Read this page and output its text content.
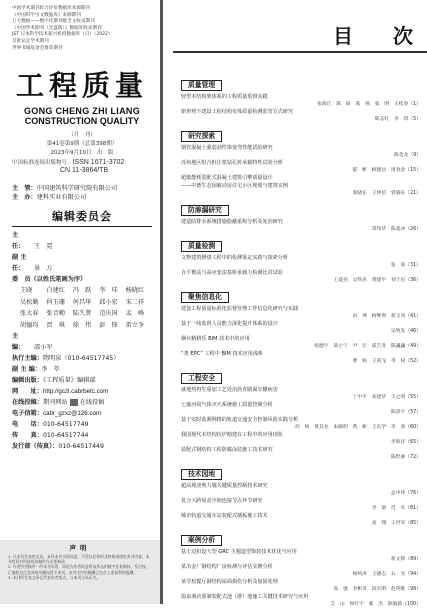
中国学术期刊综合评价数据库来源期刊
《中国科学引文数据库》来源期刊
万方数据——数字化期刊群全文收录期刊
《中国学术期刊（光盘版）》数据库收录期刊
JST 日本科学技术振兴机构数据库（日）（2022）
首批认定学术期刊
世界书城基金会推荐期刊
工程质量
GONG CHENG ZHI LIANG
CONSTRUCTION QUALITY
（月　刊）
第41卷第9期（总第398期）
2023年9月10日　出　版
中国标准连续出版物号： ISSN 1671-3702
CN 11-3864/TB
主　管：中国建筑科学研究院有限公司
主　办：建科实业有限公司
编辑委员会
主　任： 王　霓
副 主 任： 景　万
委　员（以姓氏笔画为序）
王晓	白建红	冯　跃	李　珪	杨晓红
吴松勤	何玉珊	何昌华	邱小宏	宋二祥
张大春	张音勤	陆久贤	范庆国	孟　峰
胡德均	贾　琪	徐　伟	彭　锋	雷立争
主　编： 邵小军
执行主编：隋明泉（010-64517745）
副 主 编：李　萃
编辑出版：《工程质量》编辑部
网　　址：http://gczl.cabrbetc.com
在线投稿：期刊网站 在线投稿
电子信箱：cabr_gzxz@126.com
电　　话：010-64517749
传　　真：010-64517744
发行部（传真）：010-64517449
声明
1. 凡本刊发表的文章，未经本刊书面同意，不得以任何形式转载或使用本刊内容。本刊有权对所接收的稿件作必要修改。
2. 作者所投稿件一经本刊录用，即视为作者同意将该作品的数字化复制权、发行权、汇编权及信息网络传播权授予本刊，本刊支付的稿酬已包含上述权利的报酬。
3. 本刊所发表文章仅代表作者观点，与本刊立场无关。
目　次
质量管理
轻型木结构架体系的工程质量监督实践
张海江　陈　研　荻　敖　张　明　辛桂春（1）
新形势下建设工程结构实体质量检测监管方式研究
陈志红　李　琪（5）
研究探索
钢管混凝土强弱劲性梁变弯性能试验研究
陈金龙（9）
苏州地区组合桩注浆钻孔桩承载特性试验分析
郁　彬　顾德昌　周春金（15）
超低能耗装配式混凝土建筑引擎质量设计
——中德生态园被动房住宅小区规划与建筑实例
张晓东　王仲培　曾晓东（21）
防渗漏研究
建造防排水系统措施隐蔽重构分析及处治研究
常伟华　陈基冲（26）
质量检测
文物建筑修缮工程中的检测鉴定实践与探索分析
张　南（31）
自平衡法与高应变法基桩承载力检测比对试验
王延亮　吴铁君　黄建平　刘宁民（36）
聚焦信息化
建设工程质量标准化监督管理工作信息化研究与实践
田　坤　杨继资　蒋玉凤（41）
基于一线监督人员能力深化提升体系的设计
吴致发（46）
烟台精耕乐 BIM 技术中的应用
倪德宇　葛小宁　尹　宏　霍吉冬　陈巍巍（49）
“类 EPC” 工程中 BIM 技术应用浅析
曹　杨　王茵飞　李　权（52）
工程安全
就地热再生重加工艺处治沥青路面车辙病害
丁中平　朱建华　王之明（55）
七氟丙烷气体灭火系统施工质量控制分析
陈思宇（57）
基于实时监测网格的轨道交通安全控制风险实践分析
何　炳　黄其龙　朱殿明　黄　彬　王东学　李　勇（60）
我国现代木结构抗炉精建在工程中的应用现状
李和洋（65）
装配式钢结构工程防腐涂装施工技术研究
陈恺豪（72）
技术园地
超高现浇剪力墙关键质量控制技术研究
孟中伟（76）
复合大跨屋盖空间连接节点环节研究
李　梁　肖　军（81）
城市轨道交通车站装配式墙板施工技术
高　翔　王世军（85）
案例分析
基于迈扣设大型 GRC 主题造型饰装技术优化与应用
蒋文辉（89）
某冶金厂钢结构厂房检测与评估实例分析
杨鸣涛　王德志　石　光（94）
某学校餐厅钢结构屋面损伤分析及加固处理
高　强　李彬奇　段宏明　赵英维（98）
温泉酒店预制装配式池（泄）池施工关键技术研究与应用
艾　山　侯红宇　郝　杰　陈毅新（100）
